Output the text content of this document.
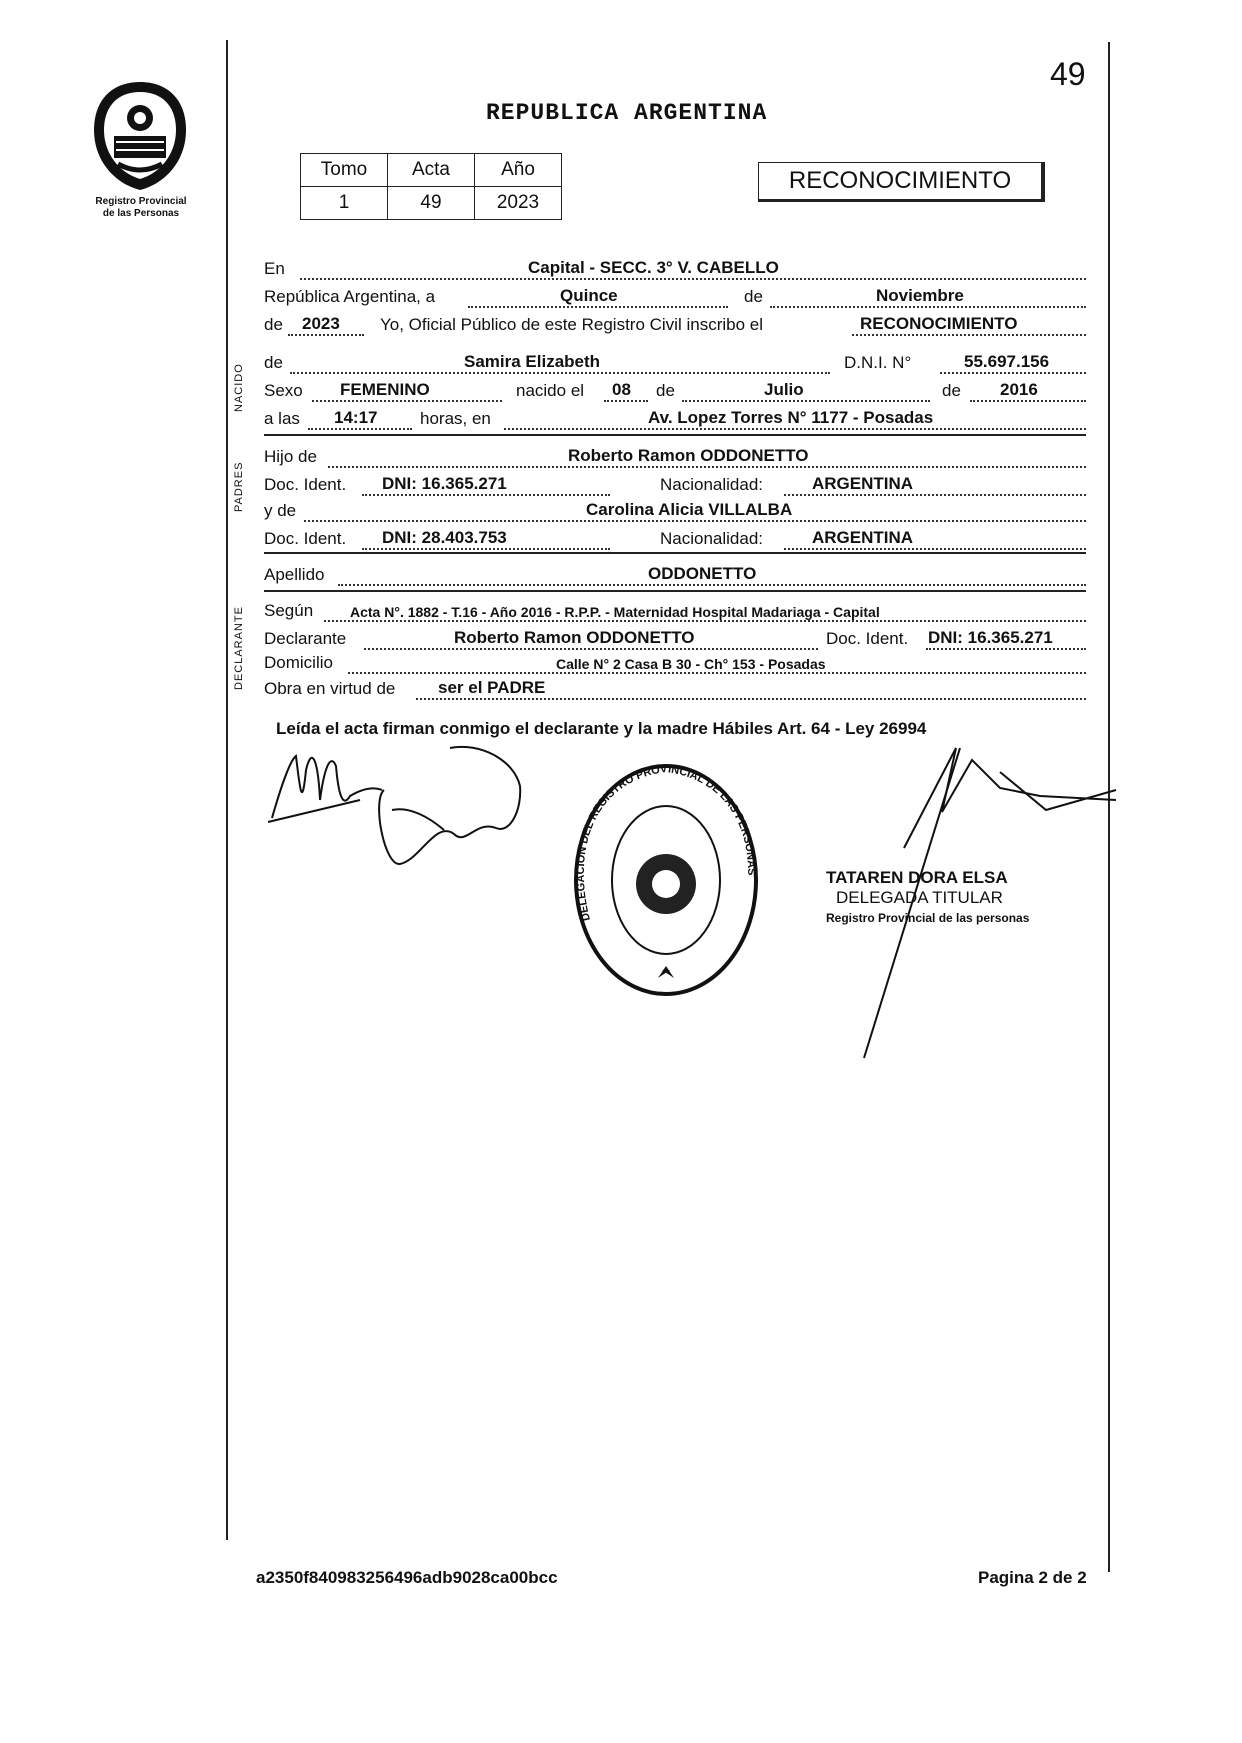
49
REPUBLICA ARGENTINA
Registro Provincial
de las Personas
Tomo	Acta	Año
1	49	2023
RECONOCIMIENTO
NACIDO
PADRES
DECLARANTE
En	Capital - SECC. 3° V. CABELLO
República Argentina, a	Quince	de	Noviembre
de 2023 Yo, Oficial Público de este Registro Civil inscribo el	RECONOCIMIENTO
de	Samira Elizabeth	D.N.I. N°	55.697.156
Sexo FEMENINO	nacido el 08 de	Julio	de 2016
a las 14:17	horas, en	Av. Lopez Torres N° 1177 - Posadas
Hijo de	Roberto Ramon ODDONETTO
Doc. Ident. DNI: 16.365.271	Nacionalidad:	ARGENTINA
y de	Carolina Alicia VILLALBA
Doc. Ident. DNI: 28.403.753	Nacionalidad:	ARGENTINA
Apellido	ODDONETTO
Según	Acta N°. 1882 - T.16 - Año 2016 - R.P.P. - Maternidad Hospital Madariaga - Capital
Declarante	Roberto Ramon ODDONETTO	Doc. Ident. DNI: 16.365.271
Domicilio	Calle N° 2 Casa B 30 - Ch° 153 - Posadas
Obra en virtud de	ser el PADRE
Leída el acta firman conmigo el declarante y la madre Hábiles Art. 64 - Ley 26994
DELEGACION DEL REGISTRO PROVINCIAL DE LAS PERSONAS	TATAREN DORA ELSA
DELEGADA TITULAR
Registro Provincial de las personas
a2350f840983256496adb9028ca00bcc	Pagina 2 de 2
